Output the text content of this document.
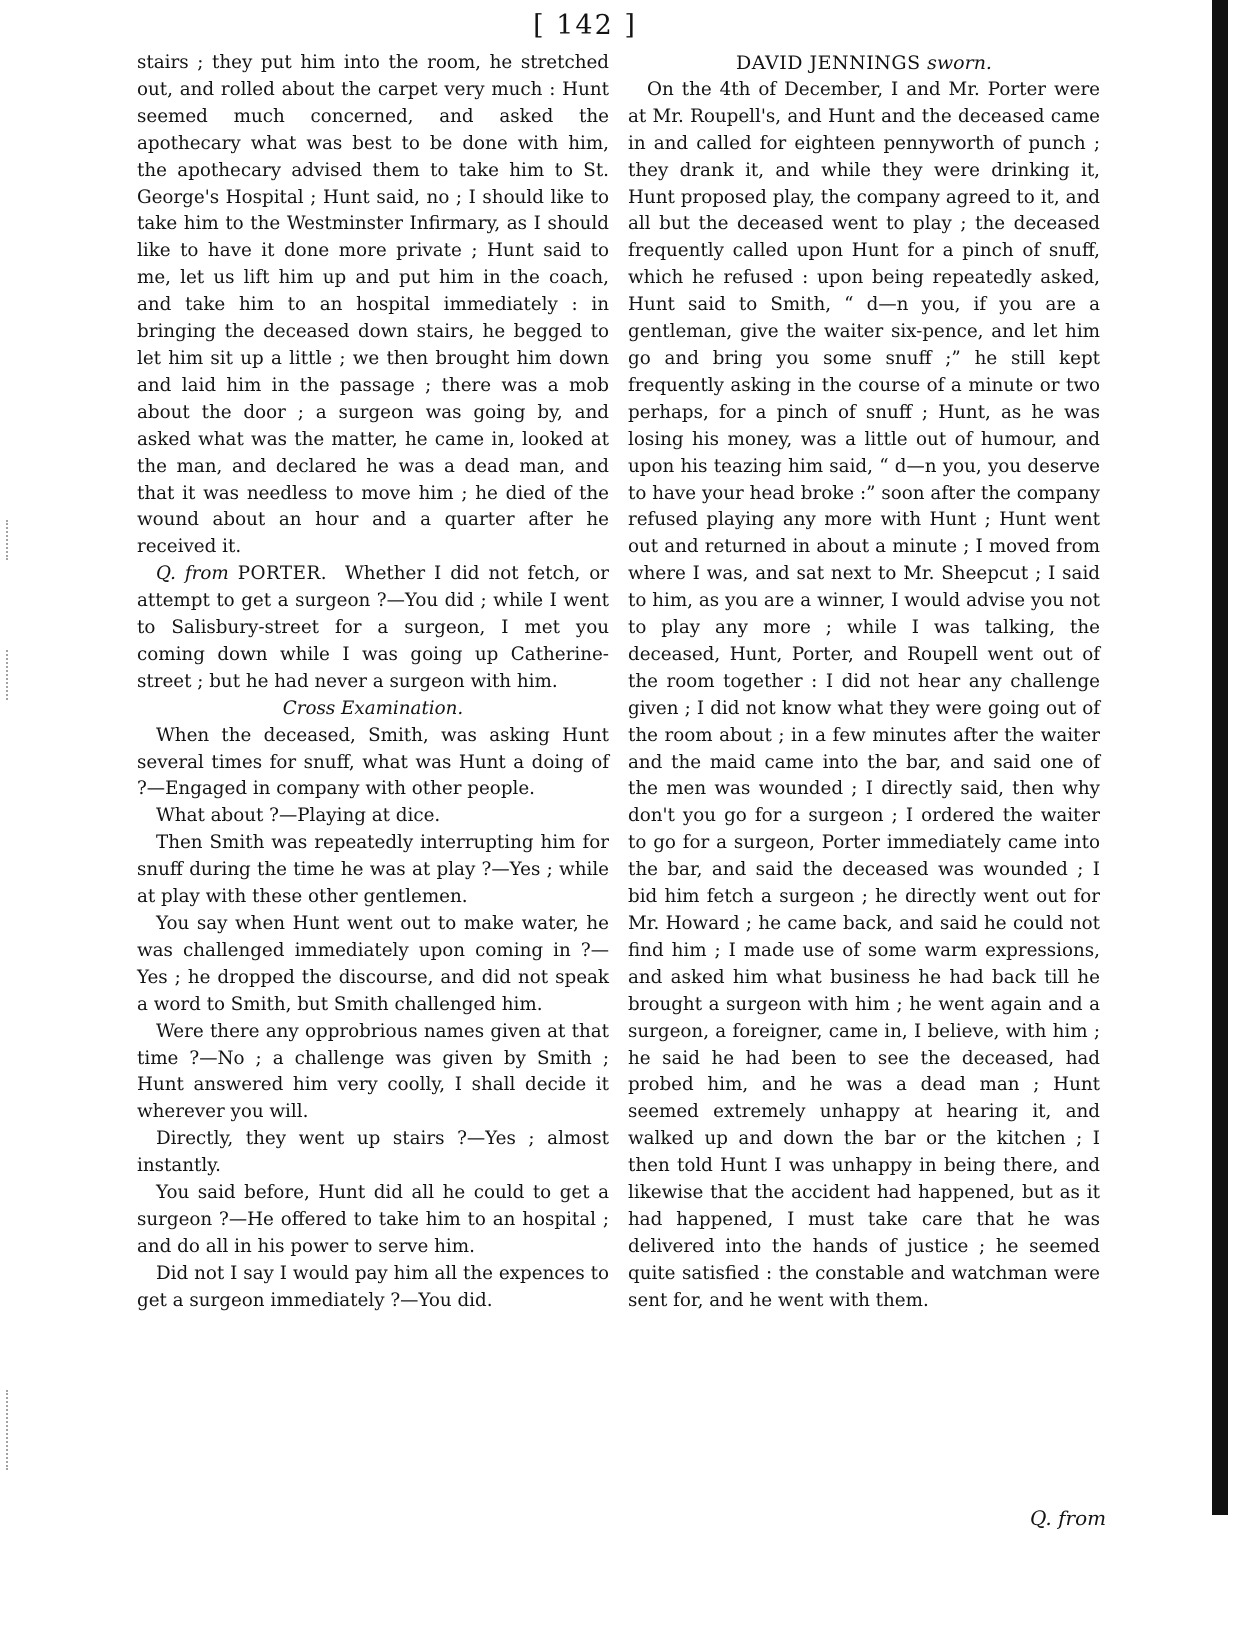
[ 142 ]

stairs ; they put him into the room, he stretched out, and rolled about the carpet very much : Hunt seemed much concerned, and asked the apothecary what was best to be done with him, the apothecary advised them to take him to St. George's Hospital ; Hunt said, no ; I should like to take him to the Westminster Infirmary, as I should like to have it done more private ; Hunt said to me, let us lift him up and put him in the coach, and take him to an hospital immediately : in bringing the deceased down stairs, he begged to let him sit up a little ; we then brought him down and laid him in the passage ; there was a mob about the door ; a surgeon was going by, and asked what was the matter, he came in, looked at the man, and declared he was a dead man, and that it was needless to move him ; he died of the wound about an hour and a quarter after he received it.

Q. from PORTER. Whether I did not fetch, or attempt to get a surgeon ?—You did ; while I went to Salisbury-street for a surgeon, I met you coming down while I was going up Catherine-street ; but he had never a surgeon with him.

Cross Examination.

When the deceased, Smith, was asking Hunt several times for snuff, what was Hunt a doing of ?—Engaged in company with other people.

What about ?—Playing at dice.

Then Smith was repeatedly interrupting him for snuff during the time he was at play ?—Yes ; while at play with these other gentlemen.

You say when Hunt went out to make water, he was challenged immediately upon coming in ?—Yes ; he dropped the discourse, and did not speak a word to Smith, but Smith challenged him.

Were there any opprobrious names given at that time ?—No ; a challenge was given by Smith ; Hunt answered him very coolly, I shall decide it wherever you will.

Directly, they went up stairs ?—Yes ; almost instantly.

You said before, Hunt did all he could to get a surgeon ?—He offered to take him to an hospital ; and do all in his power to serve him.

Did not I say I would pay him all the expences to get a surgeon immediately ?—You did.

DAVID JENNINGS sworn.

On the 4th of December, I and Mr. Porter were at Mr. Roupell's, and Hunt and the deceased came in and called for eighteen pennyworth of punch ; they drank it, and while they were drinking it, Hunt proposed play, the company agreed to it, and all but the deceased went to play ; the deceased frequently called upon Hunt for a pinch of snuff, which he refused : upon being repeatedly asked, Hunt said to Smith, “ d—n you, if you are a gentleman, give the waiter six-pence, and let him go and bring you some snuff ;” he still kept frequently asking in the course of a minute or two perhaps, for a pinch of snuff ; Hunt, as he was losing his money, was a little out of humour, and upon his teazing him said, “ d—n you, you deserve to have your head broke :” soon after the company refused playing any more with Hunt ; Hunt went out and returned in about a minute ; I moved from where I was, and sat next to Mr. Sheepcut ; I said to him, as you are a winner, I would advise you not to play any more ; while I was talking, the deceased, Hunt, Porter, and Roupell went out of the room together : I did not hear any challenge given ; I did not know what they were going out of the room about ; in a few minutes after the waiter and the maid came into the bar, and said one of the men was wounded ; I directly said, then why don't you go for a surgeon ; I ordered the waiter to go for a surgeon, Porter immediately came into the bar, and said the deceased was wounded ; I bid him fetch a surgeon ; he directly went out for Mr. Howard ; he came back, and said he could not find him ; I made use of some warm expressions, and asked him what business he had back till he brought a surgeon with him ; he went again and a surgeon, a foreigner, came in, I believe, with him ; he said he had been to see the deceased, had probed him, and he was a dead man ; Hunt seemed extremely unhappy at hearing it, and walked up and down the bar or the kitchen ; I then told Hunt I was unhappy in being there, and likewise that the accident had happened, but as it had happened, I must take care that he was delivered into the hands of justice ; he seemed quite satisfied : the constable and watchman were sent for, and he went with them.

Q. from
